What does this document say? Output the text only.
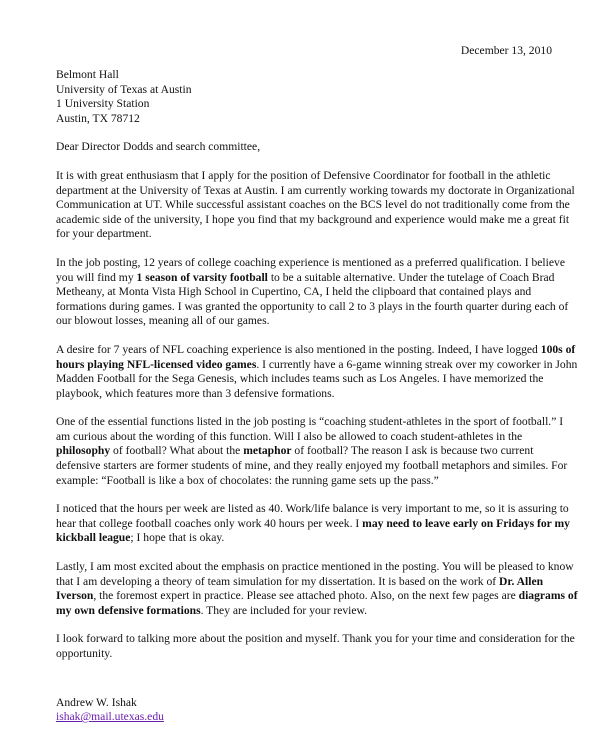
December 13, 2010
Belmont Hall
University of Texas at Austin
1 University Station
Austin, TX 78712
Dear Director Dodds and search committee,

It is with great enthusiasm that I apply for the position of Defensive Coordinator for football in the athletic department at the University of Texas at Austin. I am currently working towards my doctorate in Organizational Communication at UT. While successful assistant coaches on the BCS level do not traditionally come from the academic side of the university, I hope you find that my background and experience would make me a great fit for your department.

In the job posting, 12 years of college coaching experience is mentioned as a preferred qualification. I believe you will find my 1 season of varsity football to be a suitable alternative. Under the tutelage of Coach Brad Metheany, at Monta Vista High School in Cupertino, CA, I held the clipboard that contained plays and formations during games. I was granted the opportunity to call 2 to 3 plays in the fourth quarter during each of our blowout losses, meaning all of our games.

A desire for 7 years of NFL coaching experience is also mentioned in the posting. Indeed, I have logged 100s of hours playing NFL-licensed video games. I currently have a 6-game winning streak over my coworker in John Madden Football for the Sega Genesis, which includes teams such as Los Angeles. I have memorized the playbook, which features more than 3 defensive formations.

One of the essential functions listed in the job posting is “coaching student-athletes in the sport of football.” I am curious about the wording of this function. Will I also be allowed to coach student-athletes in the philosophy of football? What about the metaphor of football? The reason I ask is because two current defensive starters are former students of mine, and they really enjoyed my football metaphors and similes. For example: “Football is like a box of chocolates: the running game sets up the pass.”

I noticed that the hours per week are listed as 40. Work/life balance is very important to me, so it is assuring to hear that college football coaches only work 40 hours per week. I may need to leave early on Fridays for my kickball league; I hope that is okay.

Lastly, I am most excited about the emphasis on practice mentioned in the posting. You will be pleased to know that I am developing a theory of team simulation for my dissertation. It is based on the work of Dr. Allen Iverson, the foremost expert in practice. Please see attached photo. Also, on the next few pages are diagrams of my own defensive formations. They are included for your review.

I look forward to talking more about the position and myself. Thank you for your time and consideration for the opportunity.

Andrew W. Ishak
ishak@mail.utexas.edu
